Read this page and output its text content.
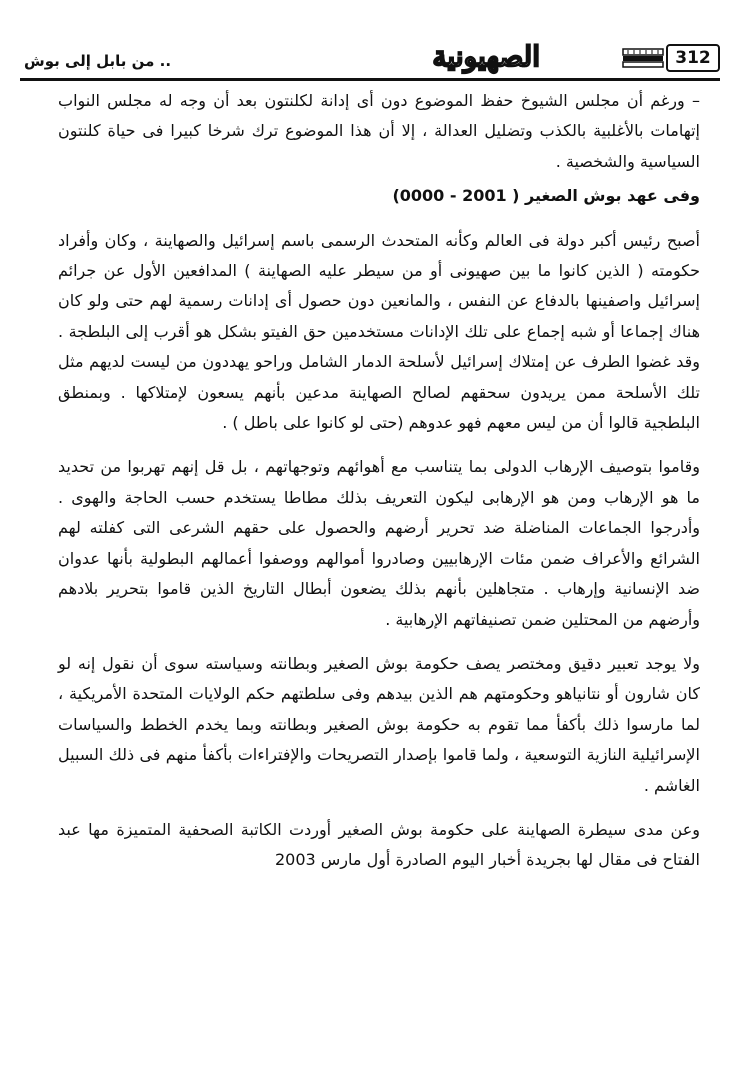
312
الصهيونية
.. من بابل إلى بوش

– ورغم أن مجلس الشيوخ حفظ الموضوع دون أى إدانة لكلنتون بعد أن وجه له مجلس النواب إتهامات بالأغلبية بالكذب وتضليل العدالة ، إلا أن هذا الموضوع ترك شرخا كبيرا فى حياة كلنتون السياسية والشخصية .

وفى عهد بوش الصغير ( 2001 - 0000)

أصبح رئيس أكبر دولة فى العالم وكأنه المتحدث الرسمى باسم إسرائيل والصهاينة ، وكان وأفراد حكومته ( الذين كانوا ما بين صهيونى أو من سيطر عليه الصهاينة ) المدافعين الأول عن جرائم إسرائيل واصفينها بالدفاع عن النفس ، والمانعين دون حصول أى إدانات رسمية لهم حتى ولو كان هناك إجماعا أو شبه إجماع على تلك الإدانات مستخدمين حق الفيتو بشكل هو أقرب إلى البلطجة . وقد غضوا الطرف عن إمتلاك إسرائيل لأسلحة الدمار الشامل وراحو يهددون من ليست لديهم مثل تلك الأسلحة ممن يريدون سحقهم لصالح الصهاينة مدعين بأنهم يسعون لإمتلاكها . وبمنطق البلطجية قالوا أن من ليس معهم فهو عدوهم (حتى لو كانوا على باطل ) .

وقاموا بتوصيف الإرهاب الدولى بما يتناسب مع أهوائهم وتوجهاتهم ، بل قل إنهم تهربوا من تحديد ما هو الإرهاب ومن هو الإرهابى ليكون التعريف بذلك مطاطا يستخدم حسب الحاجة والهوى . وأدرجوا الجماعات المناضلة ضد تحرير أرضهم والحصول على حقهم الشرعى التى كفلته لهم الشرائع والأعراف ضمن مئات الإرهابيين وصادروا أموالهم ووصفوا أعمالهم البطولية بأنها عدوان ضد الإنسانية وإرهاب . متجاهلين بأنهم بذلك يضعون أبطال التاريخ الذين قاموا بتحرير بلادهم وأرضهم من المحتلين ضمن تصنيفاتهم الإرهابية .

ولا يوجد تعبير دقيق ومختصر يصف حكومة بوش الصغير وبطانته وسياسته سوى أن نقول إنه لو كان شارون أو نتانياهو وحكومتهم هم الذين بيدهم وفى سلطتهم حكم الولايات المتحدة الأمريكية ، لما مارسوا ذلك بأكفأ مما تقوم به حكومة بوش الصغير وبطانته وبما يخدم الخطط والسياسات الإسرائيلية النازية التوسعية ، ولما قاموا بإصدار التصريحات والإفتراءات بأكفأ منهم فى ذلك السبيل الغاشم .

وعن مدى سيطرة الصهاينة على حكومة بوش الصغير أوردت الكاتبة الصحفية المتميزة مها عبد الفتاح فى مقال لها بجريدة أخبار اليوم الصادرة أول مارس 2003
